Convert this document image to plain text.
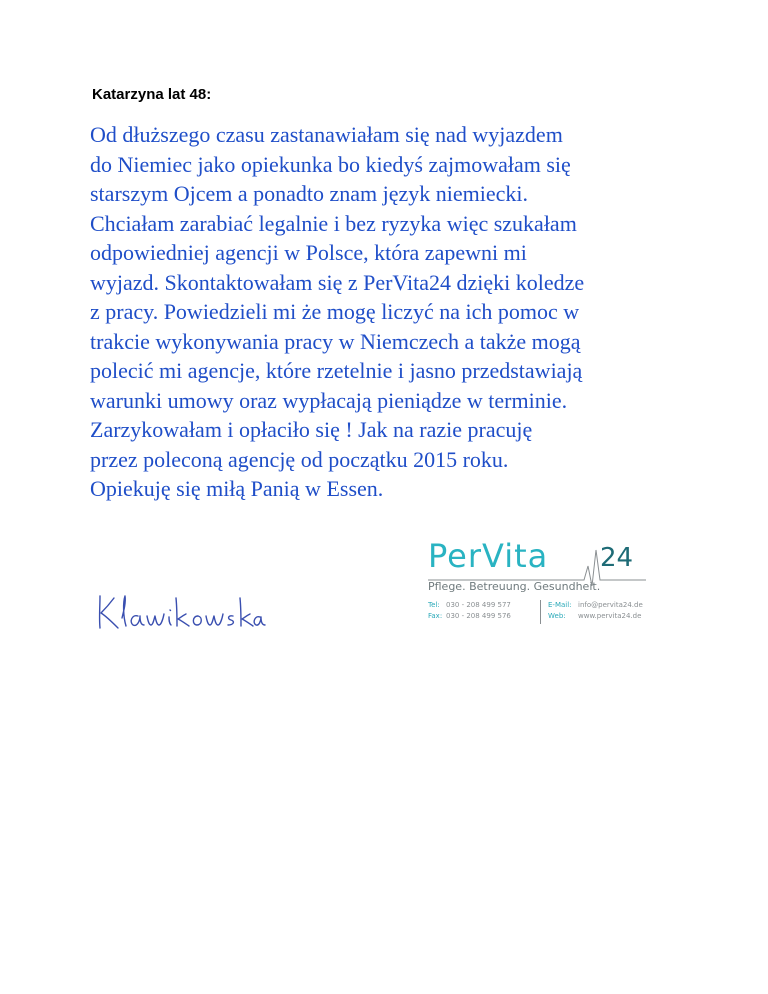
Katarzyna lat 48:

Od dłuższego czasu zastanawiałam się nad wyjazdem
do Niemiec jako opiekunka bo kiedyś zajmowałam się
starszym Ojcem a ponadto znam język niemiecki.
Chciałam zarabiać legalnie i bez ryzyka więc szukałam
odpowiedniej agencji w Polsce, która zapewni mi
wyjazd. Skontaktowałam się z PerVita24 dzięki koledze
z pracy. Powiedzieli mi że mogę liczyć na ich pomoc w
trakcie wykonywania pracy w Niemczech a także mogą
polecić mi agencje, które rzetelnie i jasno przedstawiają
warunki umowy oraz wypłacają pieniądze w terminie.
Zarzykowałam i opłaciło się ! Jak na razie pracuję
przez poleconą agencję od początku 2015 roku.
Opiekuję się miłą Panią w Essen.
PerVita 24
Pflege. Betreuung. Gesundheit.
Tel: 030 - 208 499 577
Fax: 030 - 208 499 576
E-Mail: info@pervita24.de
Web: www.pervita24.de
